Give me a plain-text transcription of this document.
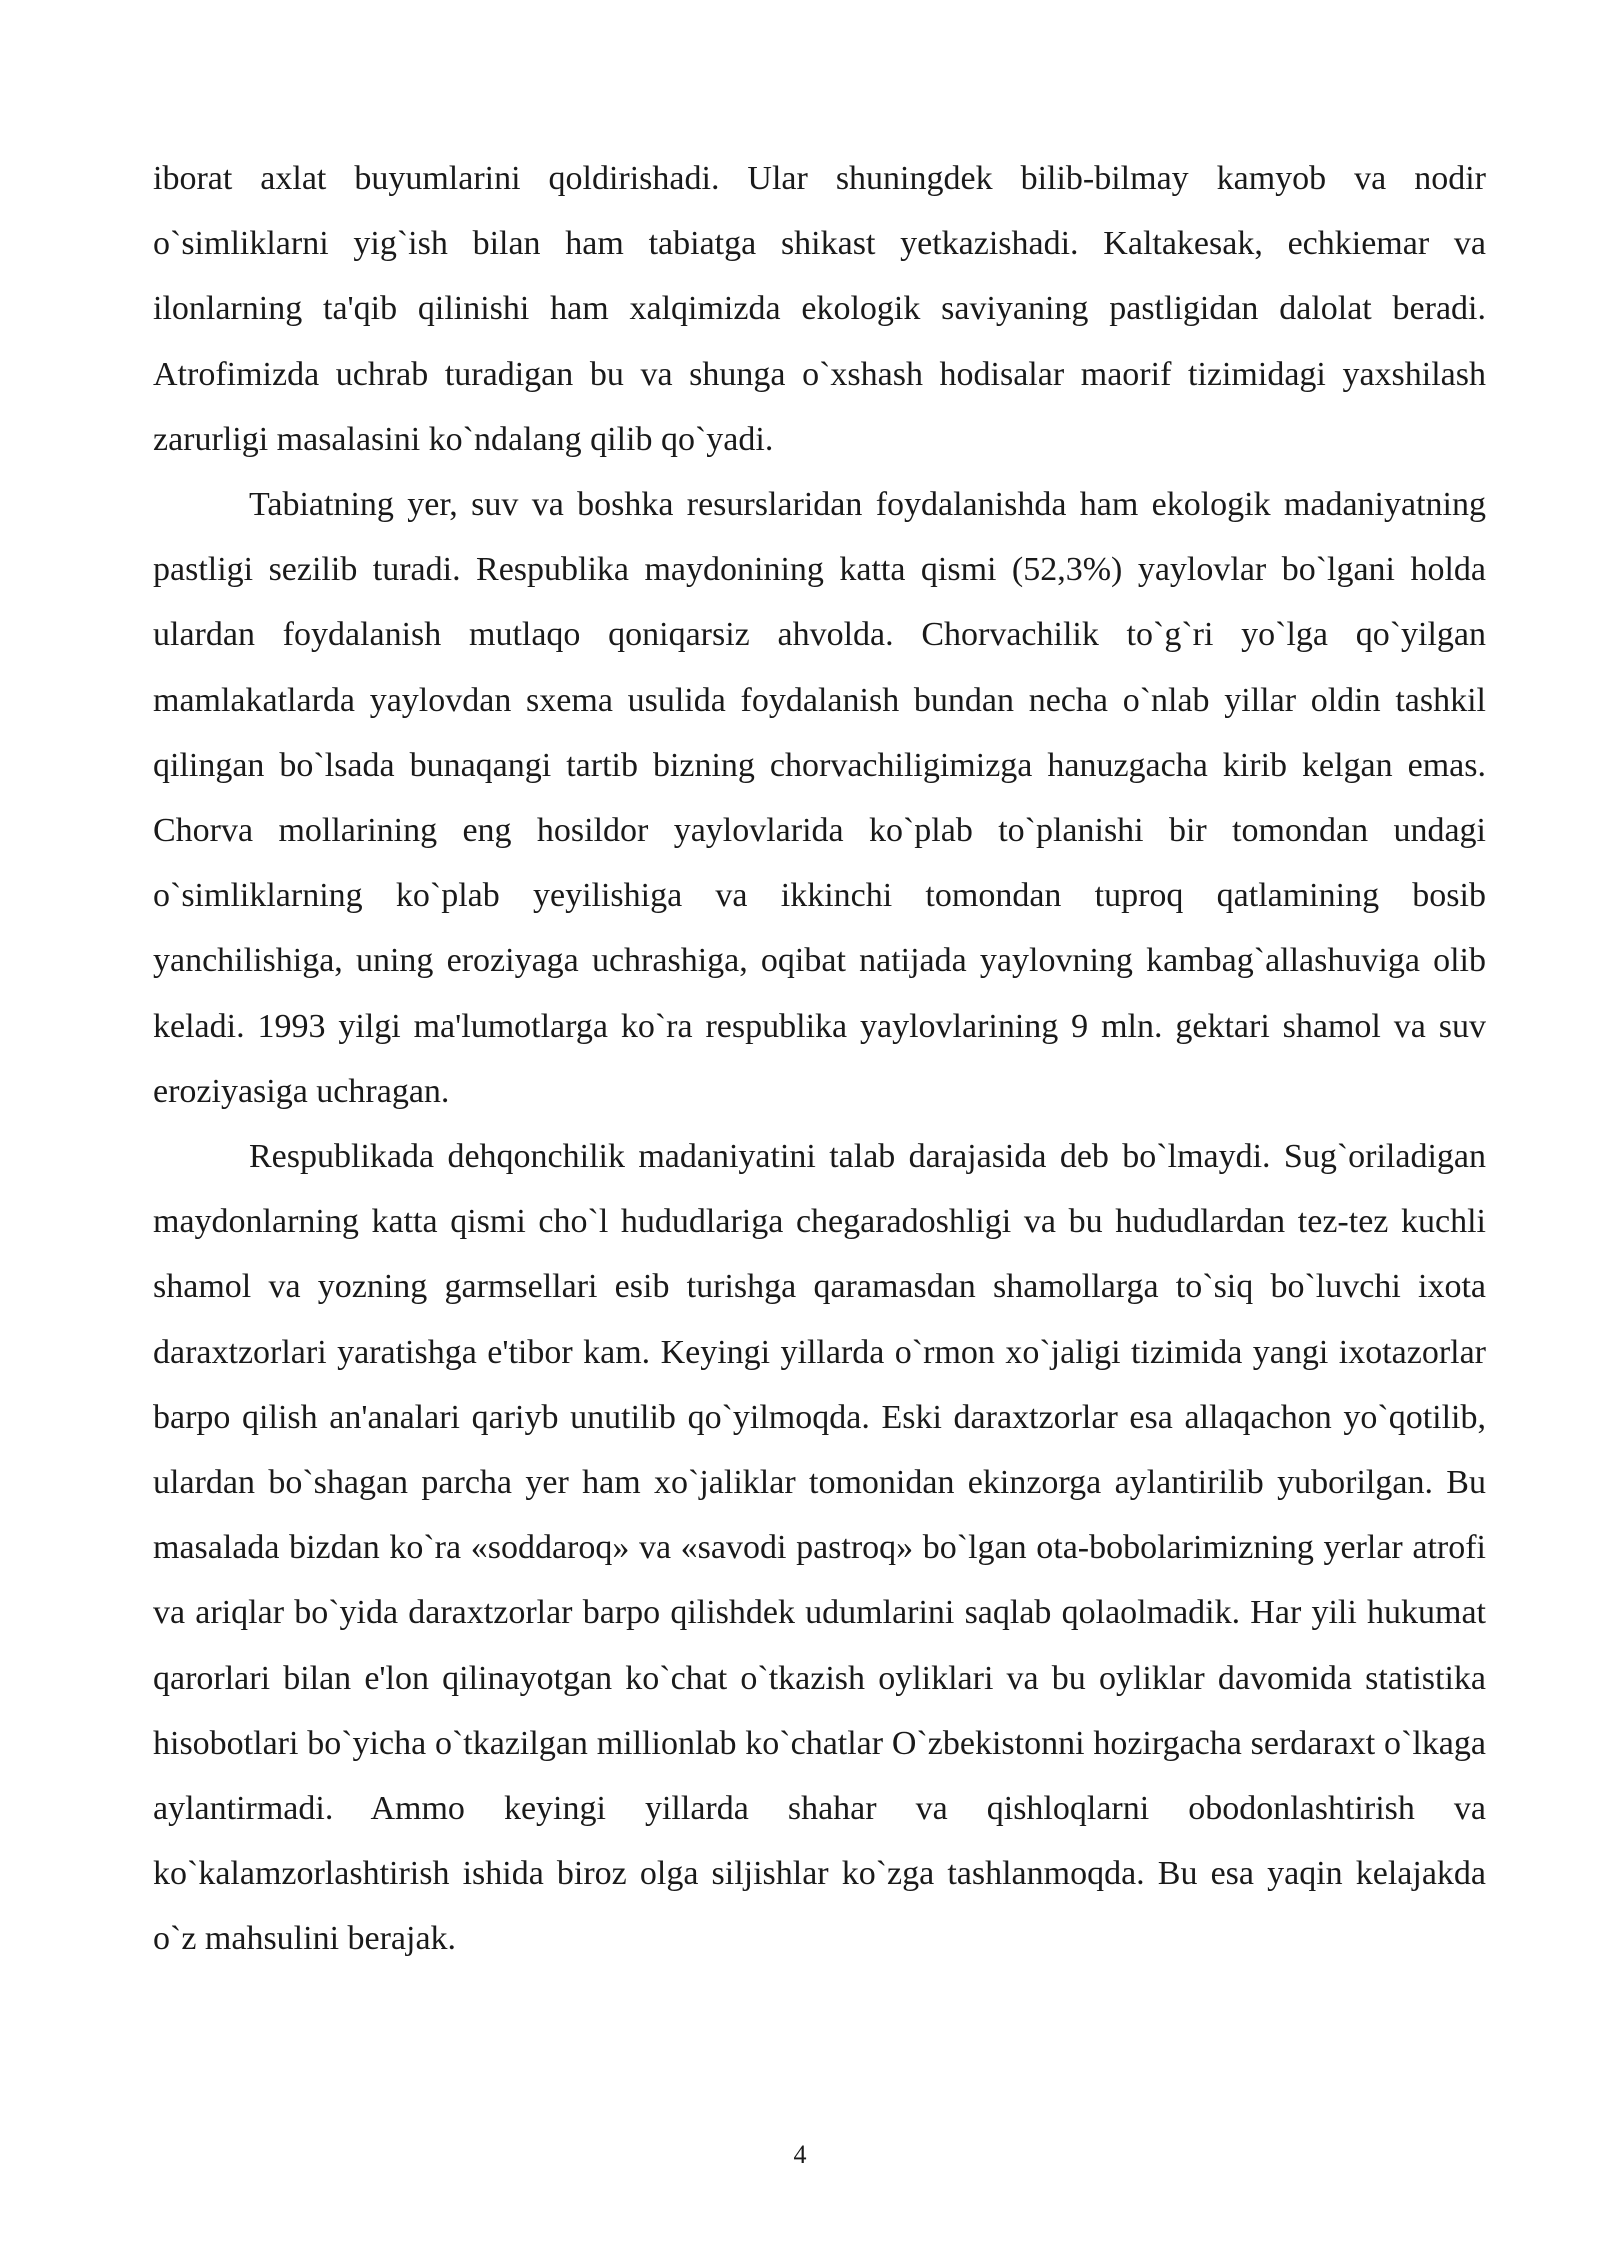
iborat axlat buyumlarini qoldirishadi. Ular shuningdek bilib-bilmay kamyob va nodir o`simliklarni yig`ish bilan ham tabiatga shikast yetkazishadi. Kaltakesak, echkiemar va ilonlarning ta'qib qilinishi ham xalqimizda ekologik saviyaning pastligidan dalolat beradi. Atrofimizda uchrab turadigan bu va shunga o`xshash hodisalar maorif tizimidagi yaxshilash zarurligi masalasini ko`ndalang qilib qo`yadi.

Tabiatning yer, suv va boshka resurslaridan foydalanishda ham ekologik madaniyatning pastligi sezilib turadi. Respublika maydonining katta qismi (52,3%) yaylovlar bo`lgani holda ulardan foydalanish mutlaqo qoniqarsiz ahvolda. Chorvachilik to`g`ri yo`lga qo`yilgan mamlakatlarda yaylovdan sxema usulida foydalanish bundan necha o`nlab yillar oldin tashkil qilingan bo`lsada bunaqangi tartib bizning chorvachiligimizga hanuzgacha kirib kelgan emas. Chorva mollarining eng hosildor yaylovlarida ko`plab to`planishi bir tomondan undagi o`simliklarning ko`plab yeyilishiga va ikkinchi tomondan tuproq qatlamining bosib yanchilishiga, uning eroziyaga uchrashiga, oqibat natijada yaylovning kambag`allashuviga olib keladi. 1993 yilgi ma'lumotlarga ko`ra respublika yaylovlarining 9 mln. gektari shamol va suv eroziyasiga uchragan.

Respublikada dehqonchilik madaniyatini talab darajasida deb bo`lmaydi. Sug`oriladigan maydonlarning katta qismi cho`l hududlariga chegaradoshligi va bu hududlardan tez-tez kuchli shamol va yozning garmsellari esib turishga qaramasdan shamollarga to`siq bo`luvchi ixota daraxtzorlari yaratishga e'tibor kam. Keyingi yillarda o`rmon xo`jaligi tizimida yangi ixotazorlar barpo qilish an'analari qariyb unutilib qo`yilmoqda. Eski daraxtzorlar esa allaqachon yo`qotilib, ulardan bo`shagan parcha yer ham xo`jaliklar tomonidan ekinzorga aylantirilib yuborilgan. Bu masalada bizdan ko`ra «soddaroq» va «savodi pastroq» bo`lgan ota-bobolarimizning yerlar atrofi va ariqlar bo`yida daraxtzorlar barpo qilishdek udumlarini saqlab qolaolmadik. Har yili hukumat qarorlari bilan e'lon qilinayotgan ko`chat o`tkazish oyliklari va bu oyliklar davomida statistika hisobotlari bo`yicha o`tkazilgan millionlab ko`chatlar O`zbekistonni hozirgacha serdaraxt o`lkaga aylantirmadi. Ammo keyingi yillarda shahar va qishloqlarni obodonlashtirish va ko`kalamzorlashtirish ishida biroz olga siljishlar ko`zga tashlanmoqda. Bu esa yaqin kelajakda o`z mahsulini berajak.

4
